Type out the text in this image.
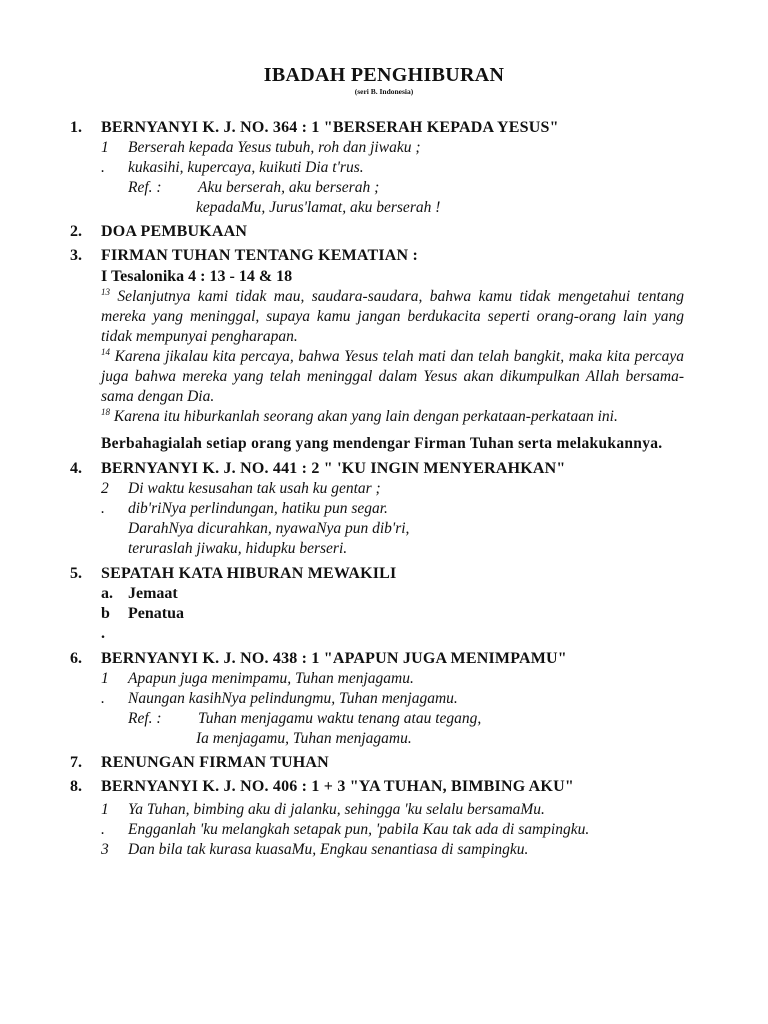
IBADAH PENGHIBURAN
(seri B. Indonesia)
1. BERNYANYI K. J. NO. 364 : 1 "BERSERAH KEPADA YESUS"
1 Berserah kepada Yesus tubuh, roh dan jiwaku ;
. kukasihi, kupercaya, kuikuti Dia t'rus.
Ref. : Aku berserah, aku berserah ;
kepadaMu, Jurus'lamat, aku berserah !
2. DOA PEMBUKAAN
3. FIRMAN TUHAN TENTANG KEMATIAN :
I Tesalonika 4 : 13 - 14 & 18
$^{13}$ Selanjutnya kami tidak mau, saudara-saudara, bahwa kamu tidak mengetahui tentang mereka yang meninggal, supaya kamu jangan berdukacita seperti orang-orang lain yang tidak mempunyai pengharapan.
$^{14}$ Karena jikalau kita percaya, bahwa Yesus telah mati dan telah bangkit, maka kita percaya juga bahwa mereka yang telah meninggal dalam Yesus akan dikumpulkan Allah bersama-sama dengan Dia.
$^{18}$ Karena itu hiburkanlah seorang akan yang lain dengan perkataan-perkataan ini.
Berbahagialah setiap orang yang mendengar Firman Tuhan serta melakukannya.
4. BERNYANYI K. J. NO. 441 : 2 " 'KU INGIN MENYERAHKAN"
2 Di waktu kesusahan tak usah ku gentar ;
. dib'riNya perlindungan, hatiku pun segar.
DarahNya dicurahkan, nyawaNya pun dib'ri,
teruraslah jiwaku, hidupku berseri.
5. SEPATAH KATA HIBURAN MEWAKILI
a. Jemaat
b Penatua
.

6. BERNYANYI K. J. NO. 438 : 1 "APAPUN JUGA MENIMPAMU"
1 Apapun juga menimpamu, Tuhan menjagamu.
. Naungan kasihNya pelindungmu, Tuhan menjagamu.
Ref. : Tuhan menjagamu waktu tenang atau tegang,
Ia menjagamu, Tuhan menjagamu.
7. RENUNGAN FIRMAN TUHAN
8. BERNYANYI K. J. NO. 406 : 1 + 3 "YA TUHAN, BIMBING AKU"
1 Ya Tuhan, bimbing aku di jalanku, sehingga 'ku selalu bersamaMu.
. Engganlah 'ku melangkah setapak pun, 'pabila Kau tak ada di sampingku.
3 Dan bila tak kurasa kuasaMu, Engkau senantiasa di sampingku.
